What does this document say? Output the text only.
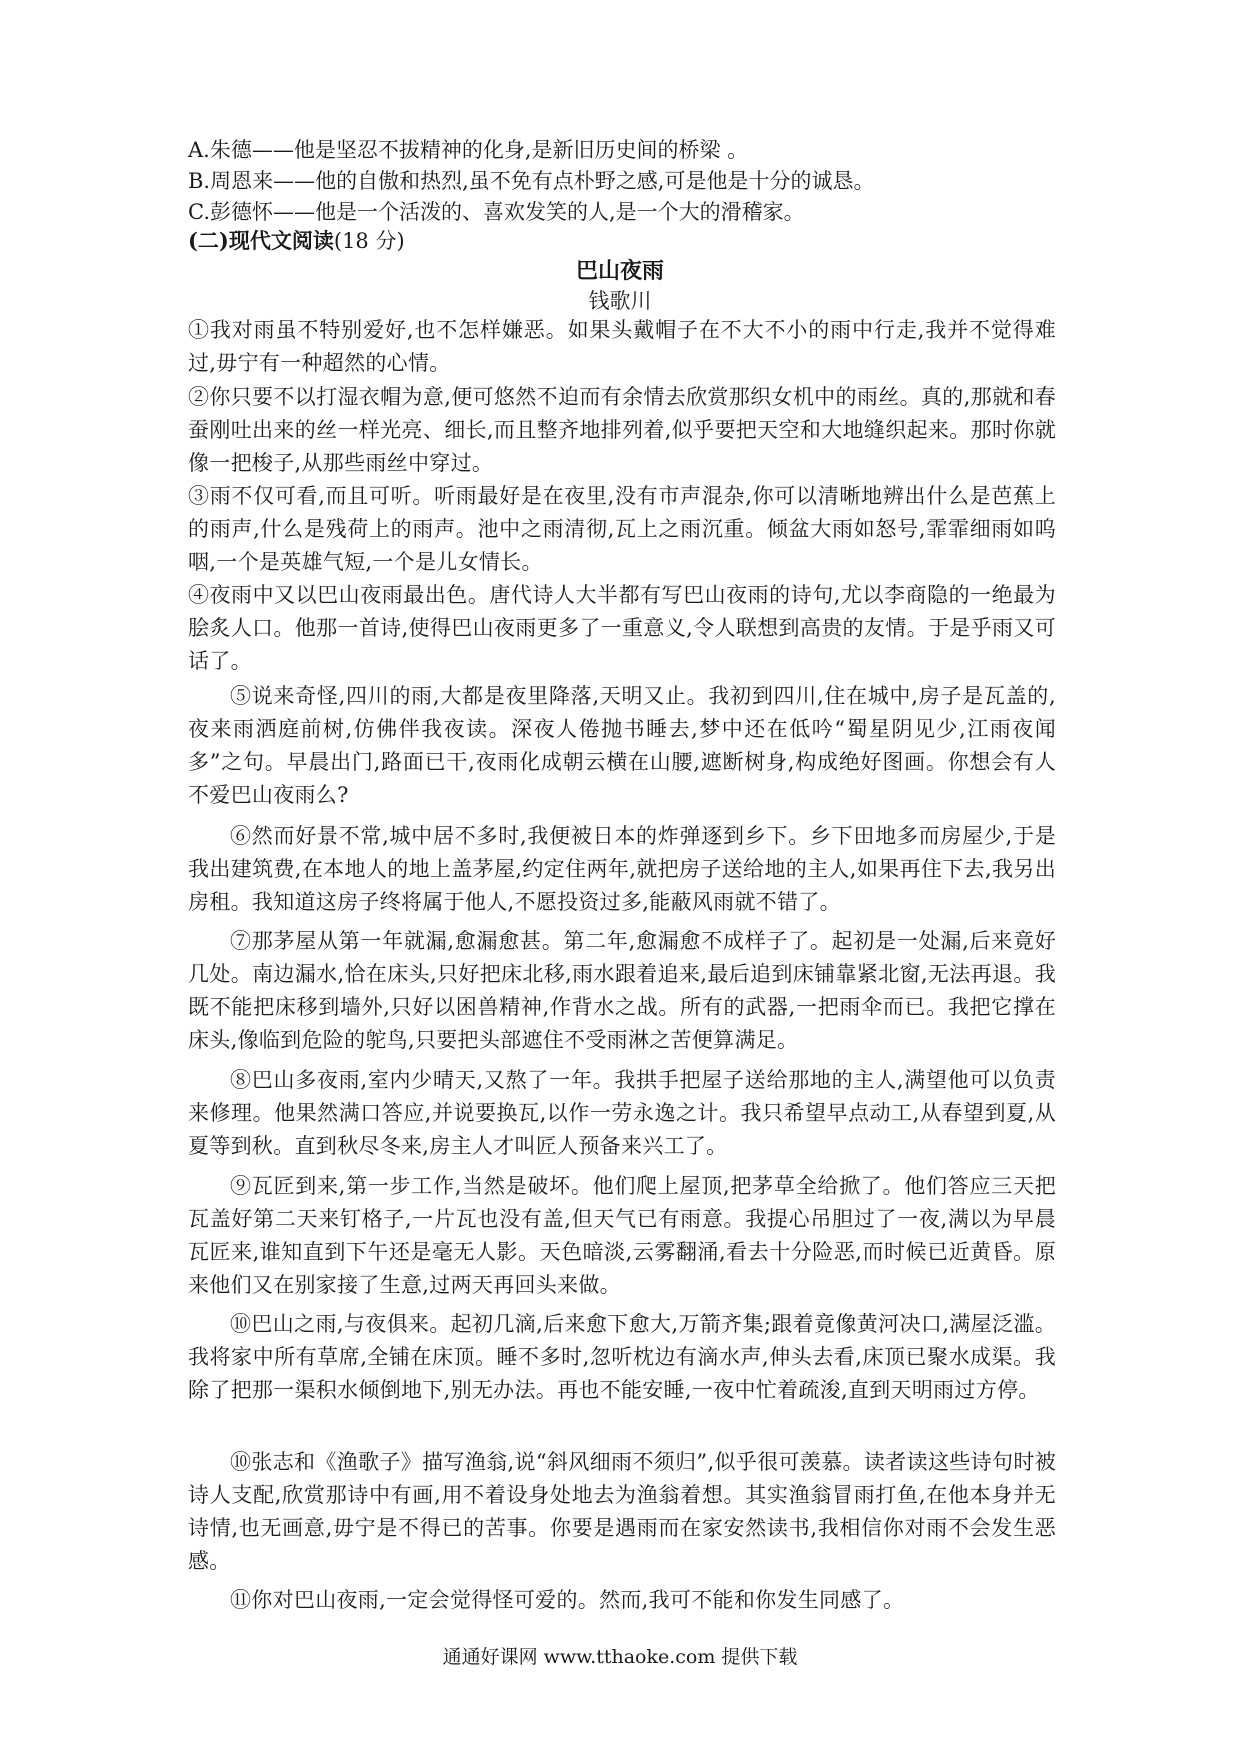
A.朱德——他是坚忍不拔精神的化身,是新旧历史间的桥梁 。
B.周恩来——他的自傲和热烈,虽不免有点朴野之感,可是他是十分的诚恳。
C.彭德怀——他是一个活泼的、喜欢发笑的人,是一个大的滑稽家。
(二)现代文阅读(18 分)
巴山夜雨
钱歌川
①我对雨虽不特别爱好,也不怎样嫌恶。如果头戴帽子在不大不小的雨中行走,我并不觉得难过,毋宁有一种超然的心情。
②你只要不以打湿衣帽为意,便可悠然不迫而有余情去欣赏那织女机中的雨丝。真的,那就和春蚕刚吐出来的丝一样光亮、细长,而且整齐地排列着,似乎要把天空和大地缝织起来。那时你就像一把梭子,从那些雨丝中穿过。
③雨不仅可看,而且可听。听雨最好是在夜里,没有市声混杂,你可以清晰地辨出什么是芭蕉上的雨声,什么是残荷上的雨声。池中之雨清彻,瓦上之雨沉重。倾盆大雨如怒号,霏霏细雨如呜咽,一个是英雄气短,一个是儿女情长。
④夜雨中又以巴山夜雨最出色。唐代诗人大半都有写巴山夜雨的诗句,尤以李商隐的一绝最为脍炙人口。他那一首诗,使得巴山夜雨更多了一重意义,令人联想到高贵的友情。于是乎雨又可话了。
⑤说来奇怪,四川的雨,大都是夜里降落,天明又止。我初到四川,住在城中,房子是瓦盖的,夜来雨洒庭前树,仿佛伴我夜读。深夜人倦抛书睡去,梦中还在低吟“蜀星阴见少,江雨夜闻多”之句。早晨出门,路面已干,夜雨化成朝云横在山腰,遮断树身,构成绝好图画。你想会有人不爱巴山夜雨么?
⑥然而好景不常,城中居不多时,我便被日本的炸弹逐到乡下。乡下田地多而房屋少,于是我出建筑费,在本地人的地上盖茅屋,约定住两年,就把房子送给地的主人,如果再住下去,我另出房租。我知道这房子终将属于他人,不愿投资过多,能蔽风雨就不错了。
⑦那茅屋从第一年就漏,愈漏愈甚。第二年,愈漏愈不成样子了。起初是一处漏,后来竟好几处。南边漏水,恰在床头,只好把床北移,雨水跟着追来,最后追到床铺靠紧北窗,无法再退。我既不能把床移到墙外,只好以困兽精神,作背水之战。所有的武器,一把雨伞而已。我把它撑在床头,像临到危险的鸵鸟,只要把头部遮住不受雨淋之苦便算满足。
⑧巴山多夜雨,室内少晴天,又熬了一年。我拱手把屋子送给那地的主人,满望他可以负责来修理。他果然满口答应,并说要换瓦,以作一劳永逸之计。我只希望早点动工,从春望到夏,从夏等到秋。直到秋尽冬来,房主人才叫匠人预备来兴工了。
⑨瓦匠到来,第一步工作,当然是破坏。他们爬上屋顶,把茅草全给掀了。他们答应三天把瓦盖好第二天来钉格子,一片瓦也没有盖,但天气已有雨意。我提心吊胆过了一夜,满以为早晨瓦匠来,谁知直到下午还是毫无人影。天色暗淡,云雾翻涌,看去十分险恶,而时候已近黄昏。原来他们又在别家接了生意,过两天再回头来做。
⑩巴山之雨,与夜俱来。起初几滴,后来愈下愈大,万箭齐集;跟着竟像黄河决口,满屋泛滥。我将家中所有草席,全铺在床顶。睡不多时,忽听枕边有滴水声,伸头去看,床顶已聚水成渠。我除了把那一渠积水倾倒地下,别无办法。再也不能安睡,一夜中忙着疏浚,直到天明雨过方停。
⑩张志和《渔歌子》描写渔翁,说“斜风细雨不须归”,似乎很可羡慕。读者读这些诗句时被诗人支配,欣赏那诗中有画,用不着设身处地去为渔翁着想。其实渔翁冒雨打鱼,在他本身并无诗情,也无画意,毋宁是不得已的苦事。你要是遇雨而在家安然读书,我相信你对雨不会发生恶感。
⑪你对巴山夜雨,一定会觉得怪可爱的。然而,我可不能和你发生同感了。
通通好课网 www.tthaoke.com 提供下载
